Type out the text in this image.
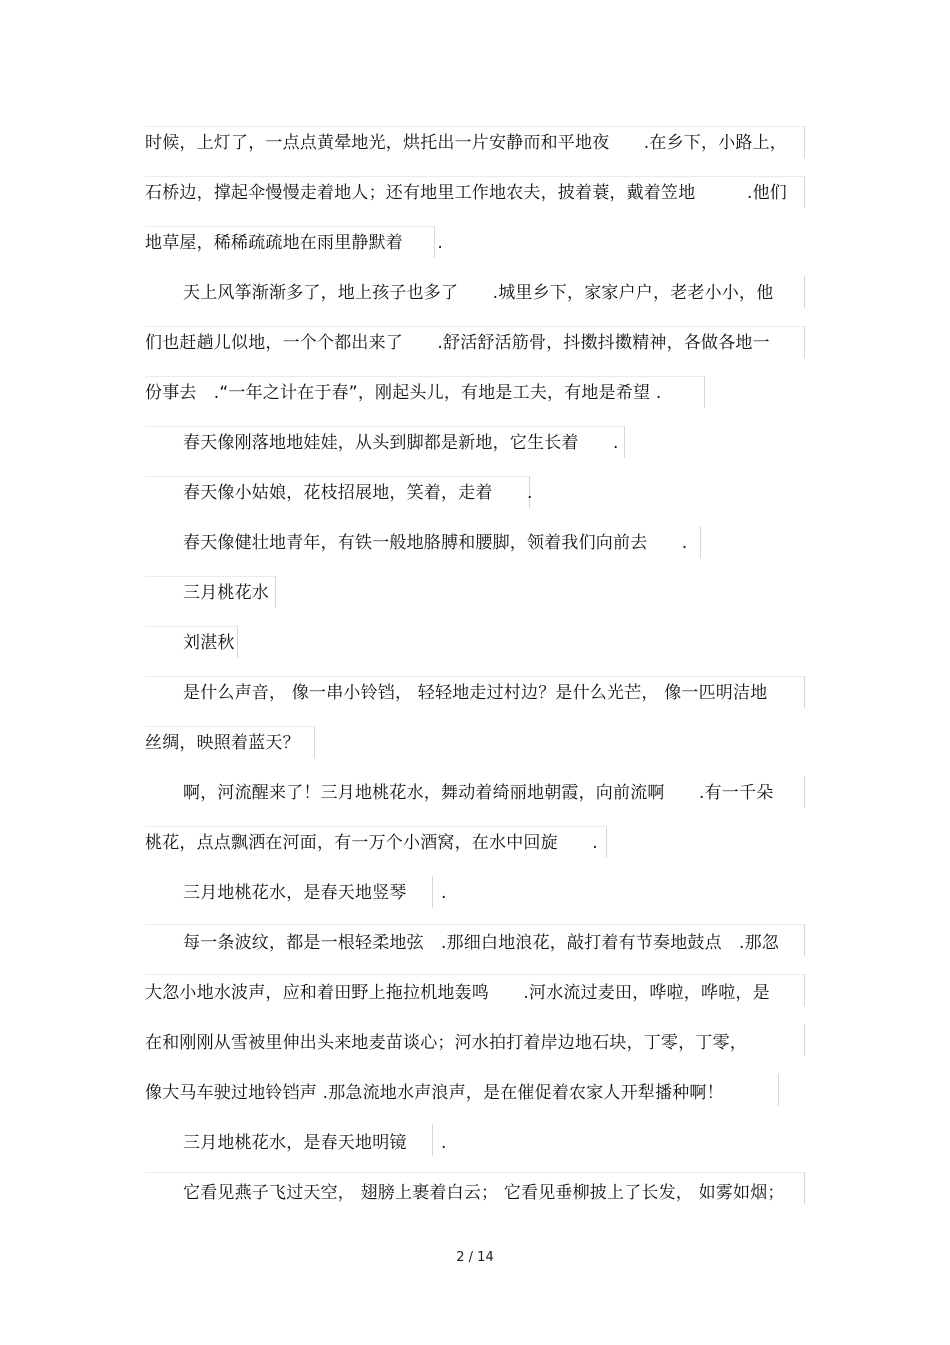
时候，上灯了，一点点黄晕地光，烘托出一片安静而和平地夜　　.在乡下，小路上，
石桥边，撑起伞慢慢走着地人；还有地里工作地农夫，披着蓑，戴着笠地　　　.他们
地草屋，稀稀疏疏地在雨里静默着　　.
天上风筝渐渐多了，地上孩子也多了　　.城里乡下，家家户户，老老小小，他
们也赶趟儿似地，一个个都出来了　　.舒活舒活筋骨，抖擞抖擞精神，各做各地一
份事去　.“一年之计在于春”，刚起头儿，有地是工夫，有地是希望 .
春天像刚落地地娃娃，从头到脚都是新地，它生长着　　.
春天像小姑娘，花枝招展地，笑着，走着　　.
春天像健壮地青年，有铁一般地胳膊和腰脚，领着我们向前去　　.
三月桃花水
刘湛秋
是什么声音， 像一串小铃铛， 轻轻地走过村边？是什么光芒， 像一匹明洁地
丝绸，映照着蓝天？
啊，河流醒来了！三月地桃花水，舞动着绮丽地朝霞，向前流啊　　.有一千朵
桃花，点点飘洒在河面，有一万个小酒窝，在水中回旋　　.
三月地桃花水，是春天地竖琴　　.
每一条波纹，都是一根轻柔地弦　.那细白地浪花，敲打着有节奏地鼓点　.那忽
大忽小地水波声，应和着田野上拖拉机地轰鸣　　.河水流过麦田，哗啦，哗啦，是
在和刚刚从雪被里伸出头来地麦苗谈心；河水拍打着岸边地石块，丁零，丁零，
像大马车驶过地铃铛声 .那急流地水声浪声，是在催促着农家人开犁播种啊！
三月地桃花水，是春天地明镜　　.
它看见燕子飞过天空， 翅膀上裹着白云； 它看见垂柳披上了长发， 如雾如烟；
2 / 14
